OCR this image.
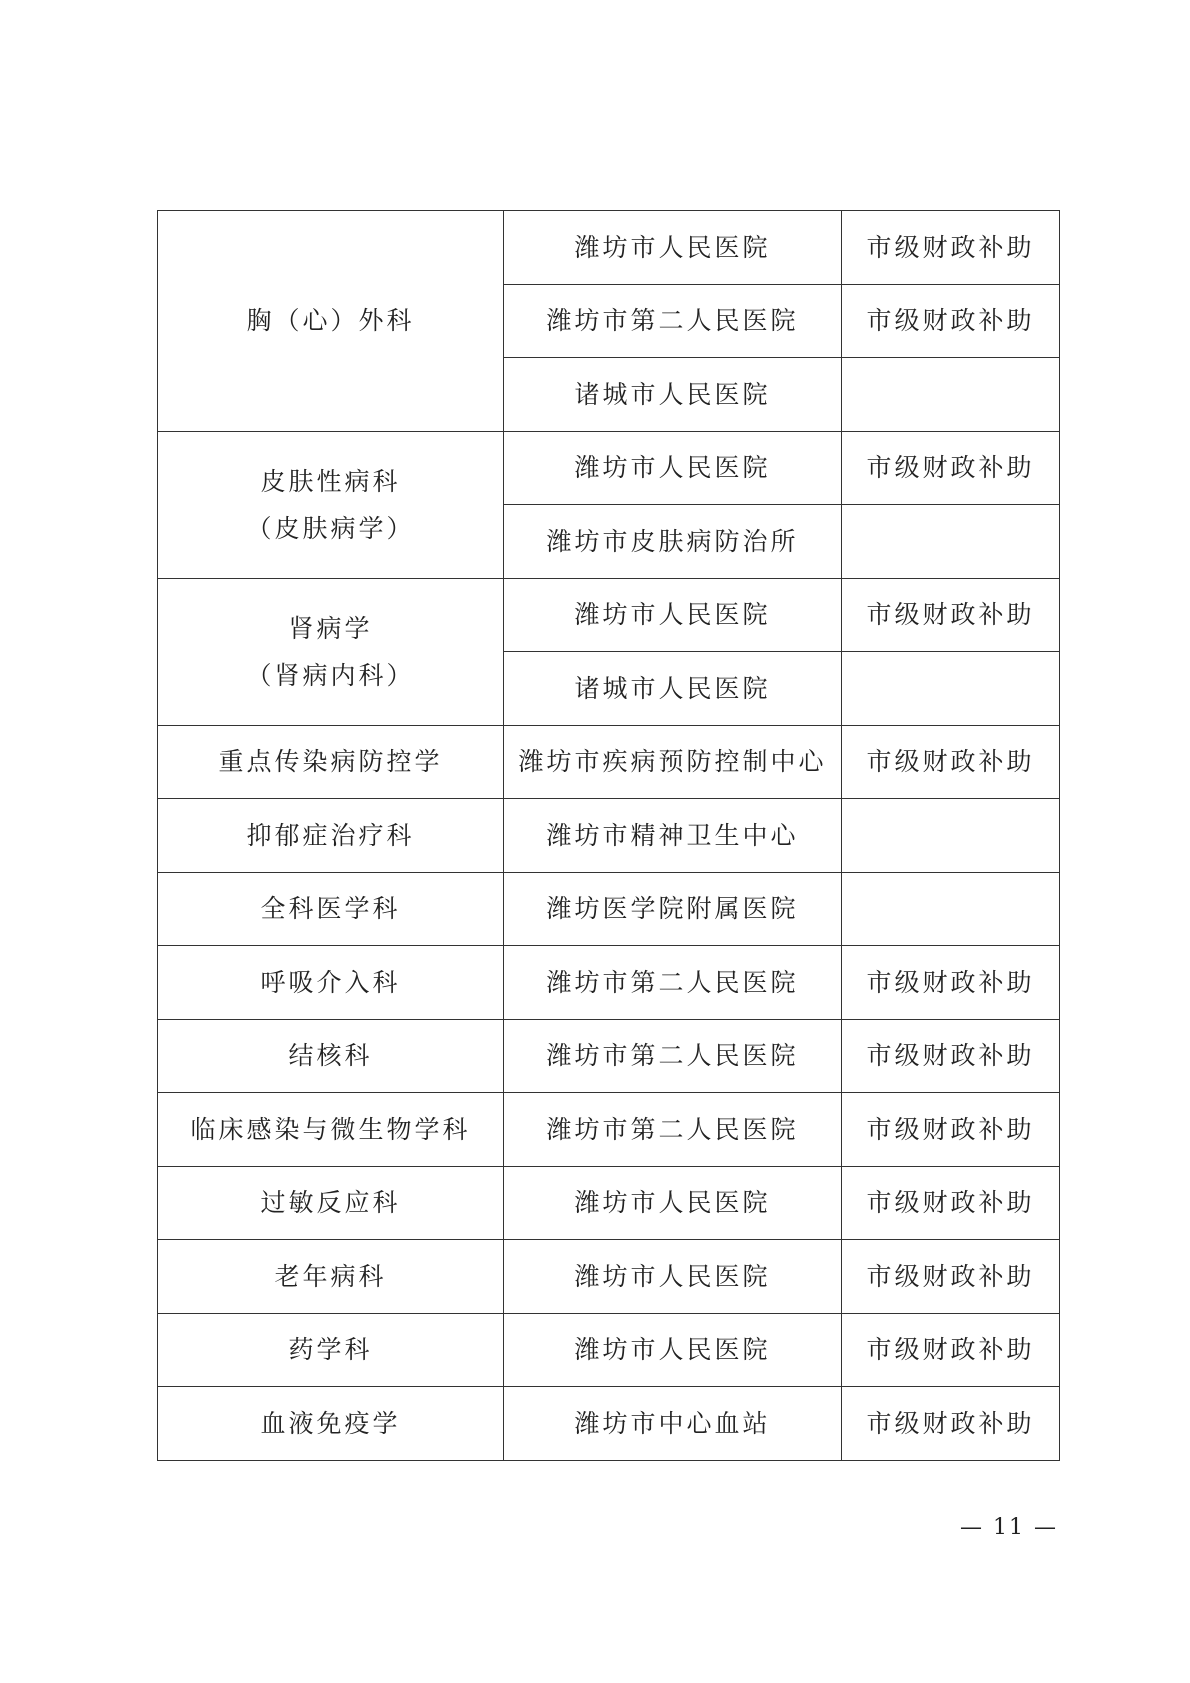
胸（心）外科	潍坊市人民医院	市级财政补助
	潍坊市第二人民医院	市级财政补助
	诸城市人民医院	

皮肤性病科
（皮肤病学）	潍坊市人民医院	市级财政补助
	潍坊市皮肤病防治所	

肾病学
（肾病内科）	潍坊市人民医院	市级财政补助
	诸城市人民医院	

重点传染病防控学	潍坊市疾病预防控制中心	市级财政补助

抑郁症治疗科	潍坊市精神卫生中心	

全科医学科	潍坊医学院附属医院	

呼吸介入科	潍坊市第二人民医院	市级财政补助

结核科	潍坊市第二人民医院	市级财政补助

临床感染与微生物学科	潍坊市第二人民医院	市级财政补助

过敏反应科	潍坊市人民医院	市级财政补助

老年病科	潍坊市人民医院	市级财政补助

药学科	潍坊市人民医院	市级财政补助

血液免疫学	潍坊市中心血站	市级财政补助
— 11 —
